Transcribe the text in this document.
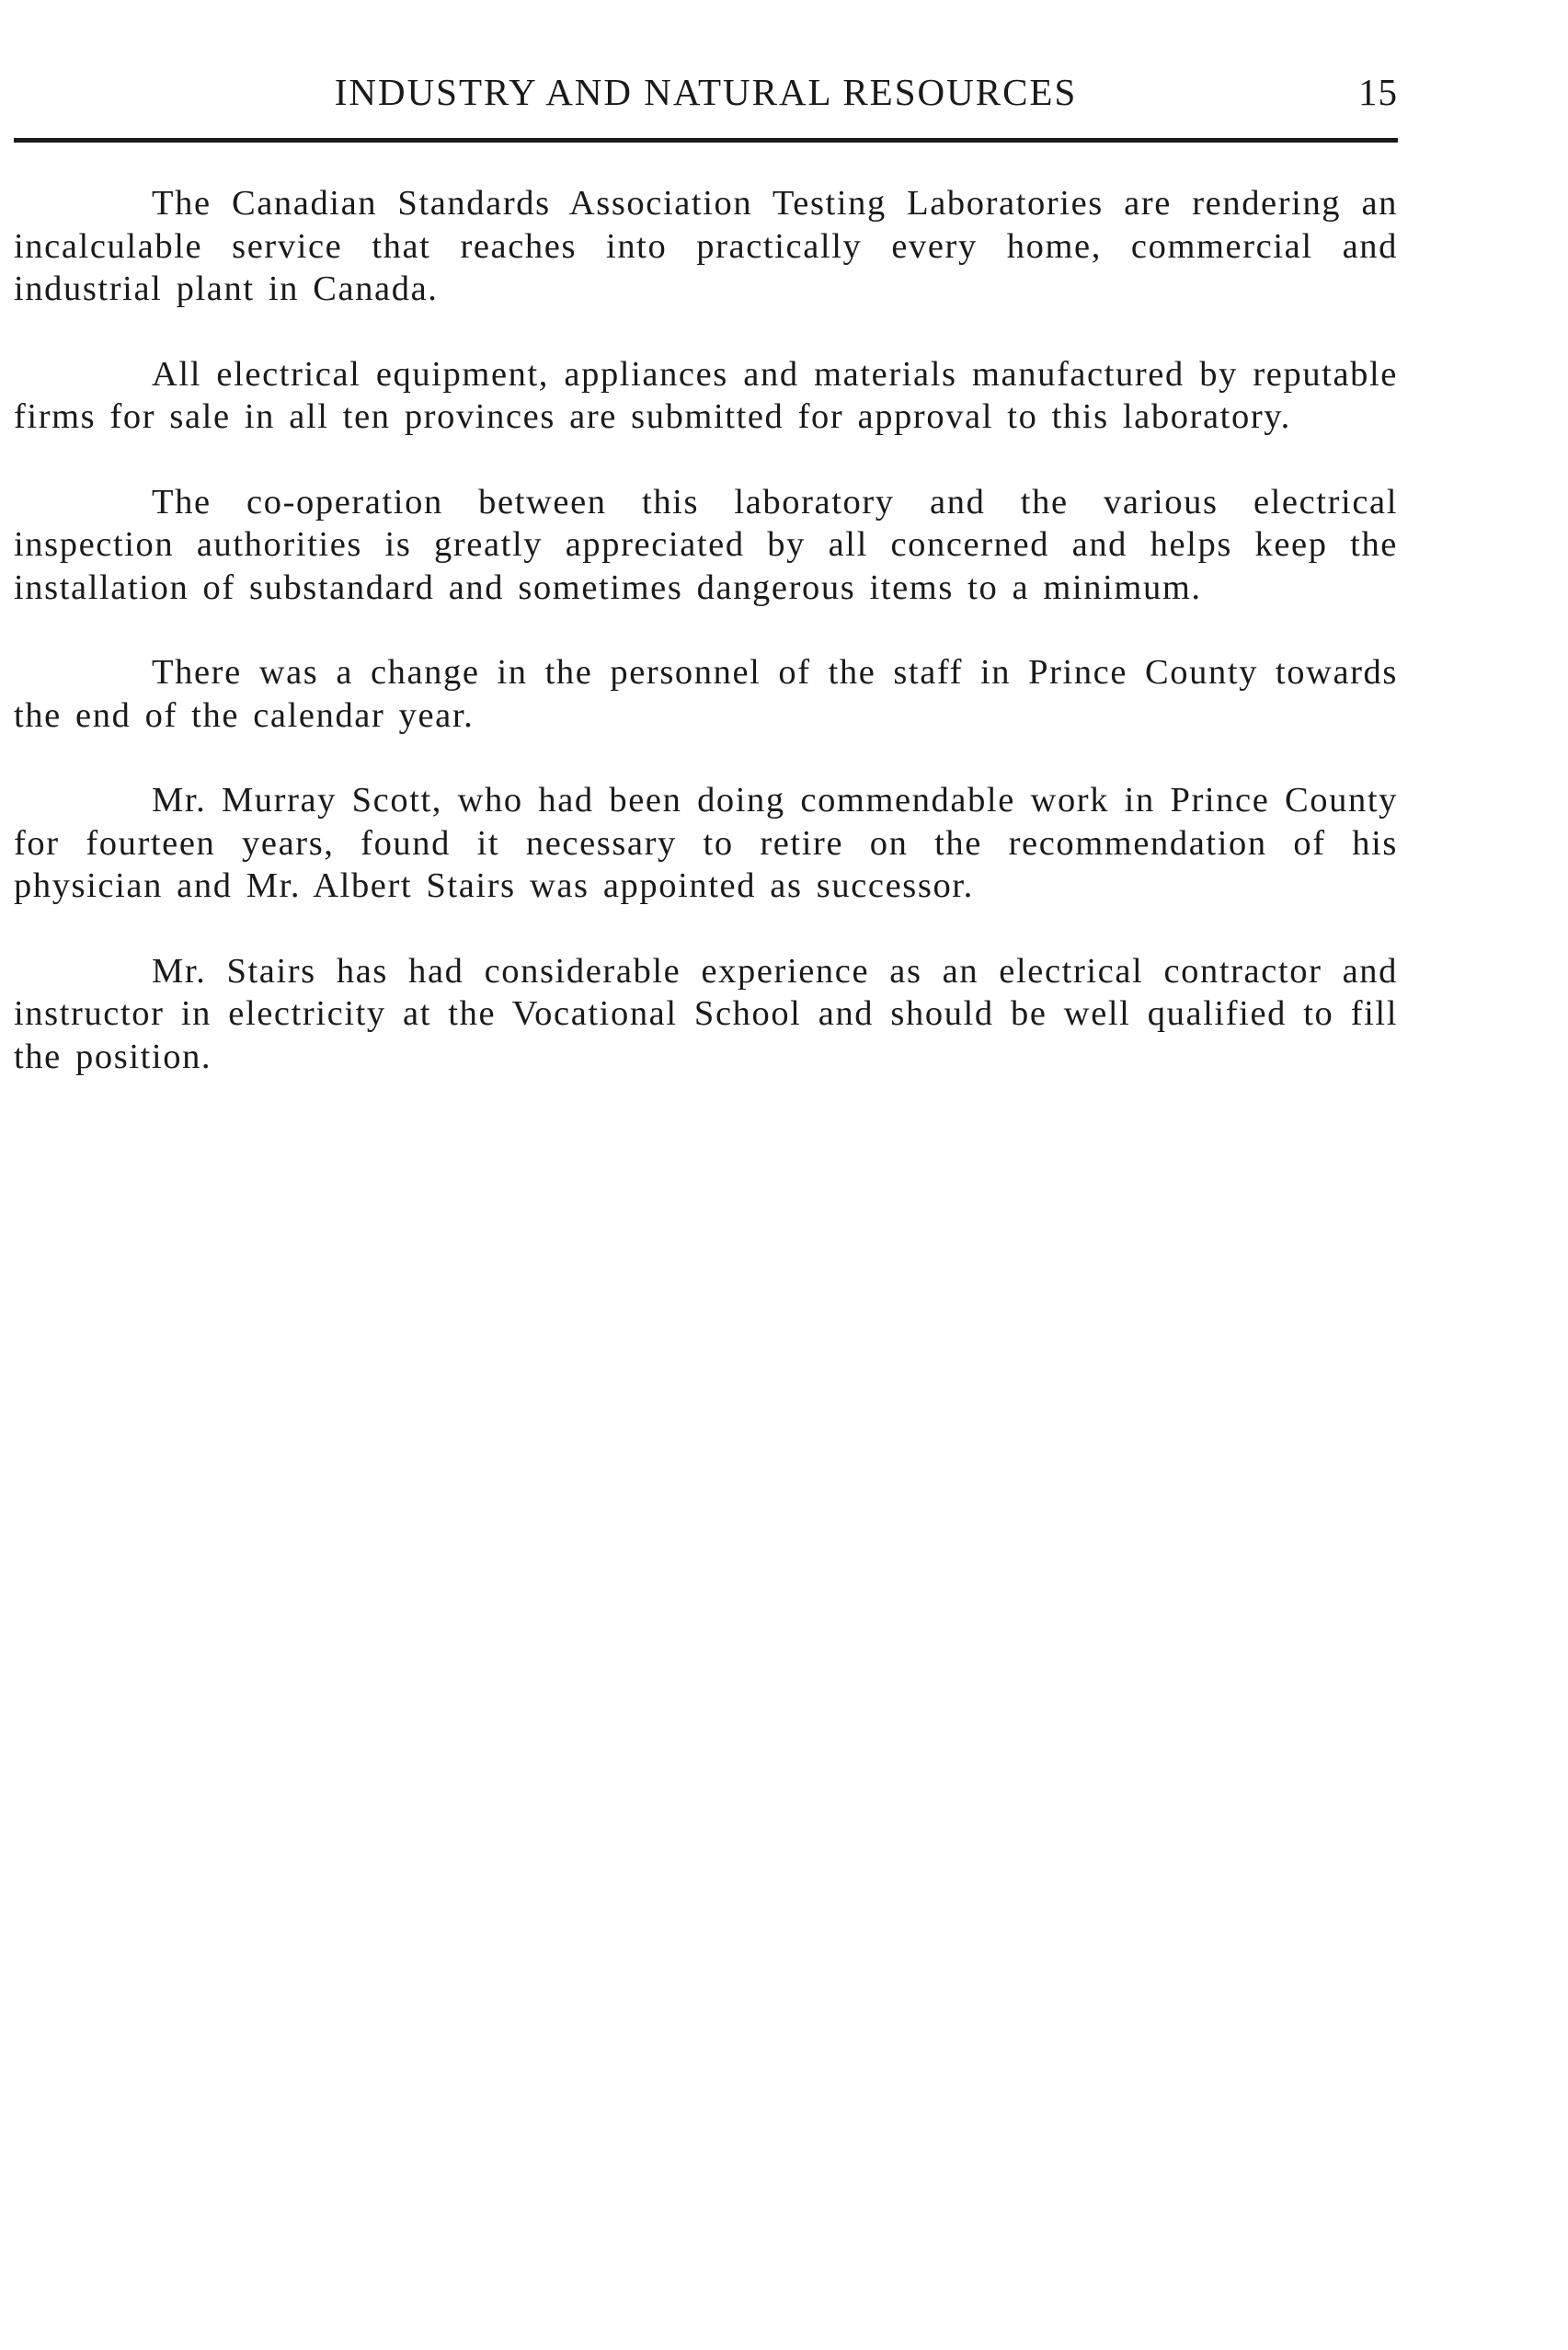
INDUSTRY AND NATURAL RESOURCES	15

The Canadian Standards Association Testing Laboratories are rendering an incalculable service that reaches into practically every home, commercial and industrial plant in Canada.

All electrical equipment, appliances and materials manufactured by reputable firms for sale in all ten provinces are submitted for approval to this laboratory.

The co-operation between this laboratory and the various electrical inspection authorities is greatly appreciated by all concerned and helps keep the installation of substandard and sometimes dangerous items to a minimum.

There was a change in the personnel of the staff in Prince County towards the end of the calendar year.

Mr. Murray Scott, who had been doing commendable work in Prince County for fourteen years, found it necessary to retire on the recommendation of his physician and Mr. Albert Stairs was appointed as successor.

Mr. Stairs has had considerable experience as an electrical contractor and instructor in electricity at the Vocational School and should be well qualified to fill the position.
